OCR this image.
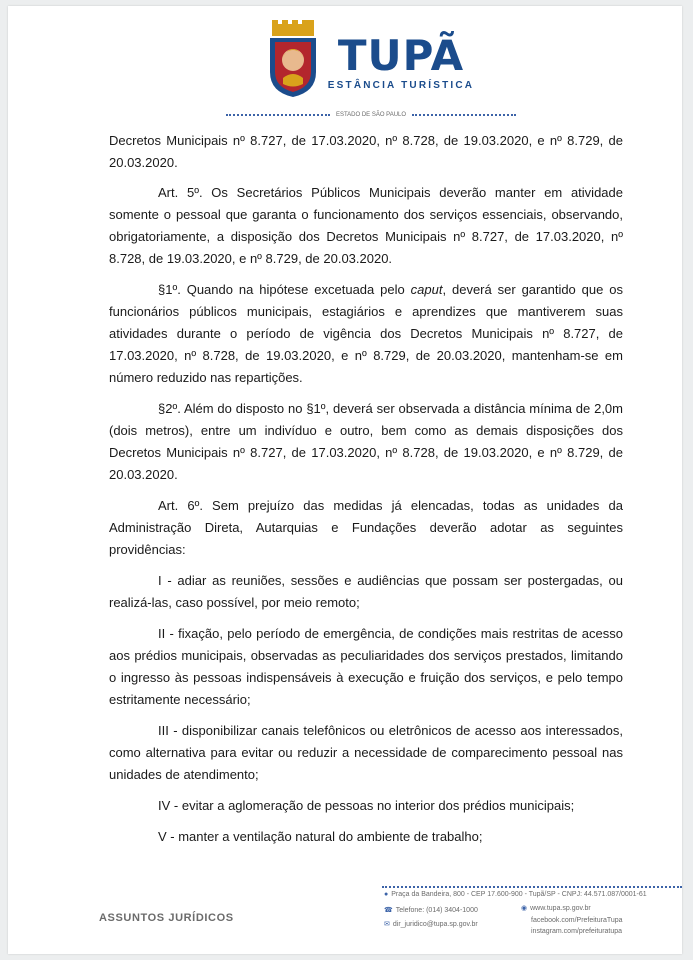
TUPÃ
ESTÂNCIA TURÍSTICA
ESTADO DE SÃO PAULO

Decretos Municipais nº 8.727, de 17.03.2020, nº 8.728, de 19.03.2020, e nº 8.729, de 20.03.2020.

Art. 5º. Os Secretários Públicos Municipais deverão manter em atividade somente o pessoal que garanta o funcionamento dos serviços essenciais, observando, obrigatoriamente, a disposição dos Decretos Municipais nº 8.727, de 17.03.2020, nº 8.728, de 19.03.2020, e nº 8.729, de 20.03.2020.

§1º. Quando na hipótese excetuada pelo caput, deverá ser garantido que os funcionários públicos municipais, estagiários e aprendizes que mantiverem suas atividades durante o período de vigência dos Decretos Municipais nº 8.727, de 17.03.2020, nº 8.728, de 19.03.2020, e nº 8.729, de 20.03.2020, mantenham-se em número reduzido nas repartições.

§2º. Além do disposto no §1º, deverá ser observada a distância mínima de 2,0m (dois metros), entre um indivíduo e outro, bem como as demais disposições dos Decretos Municipais nº 8.727, de 17.03.2020, nº 8.728, de 19.03.2020, e nº 8.729, de 20.03.2020.

Art. 6º. Sem prejuízo das medidas já elencadas, todas as unidades da Administração Direta, Autarquias e Fundações deverão adotar as seguintes providências:

I - adiar as reuniões, sessões e audiências que possam ser postergadas, ou realizá-las, caso possível, por meio remoto;

II - fixação, pelo período de emergência, de condições mais restritas de acesso aos prédios municipais, observadas as peculiaridades dos serviços prestados, limitando o ingresso às pessoas indispensáveis à execução e fruição dos serviços, e pelo tempo estritamente necessário;

III - disponibilizar canais telefônicos ou eletrônicos de acesso aos interessados, como alternativa para evitar ou reduzir a necessidade de comparecimento pessoal nas unidades de atendimento;

IV - evitar a aglomeração de pessoas no interior dos prédios municipais;

V - manter a ventilação natural do ambiente de trabalho;

ASSUNTOS JURÍDICOS
● Praça da Bandeira, 800 - CEP 17.600-900 - Tupã/SP - CNPJ: 44.571.087/0001-61
☎ Telefone: (014) 3404-1000
✉ dir_juridico@tupa.sp.gov.br
◉ www.tupa.sp.gov.br
facebook.com/PrefeituraTupa
instagram.com/prefeituratupa
